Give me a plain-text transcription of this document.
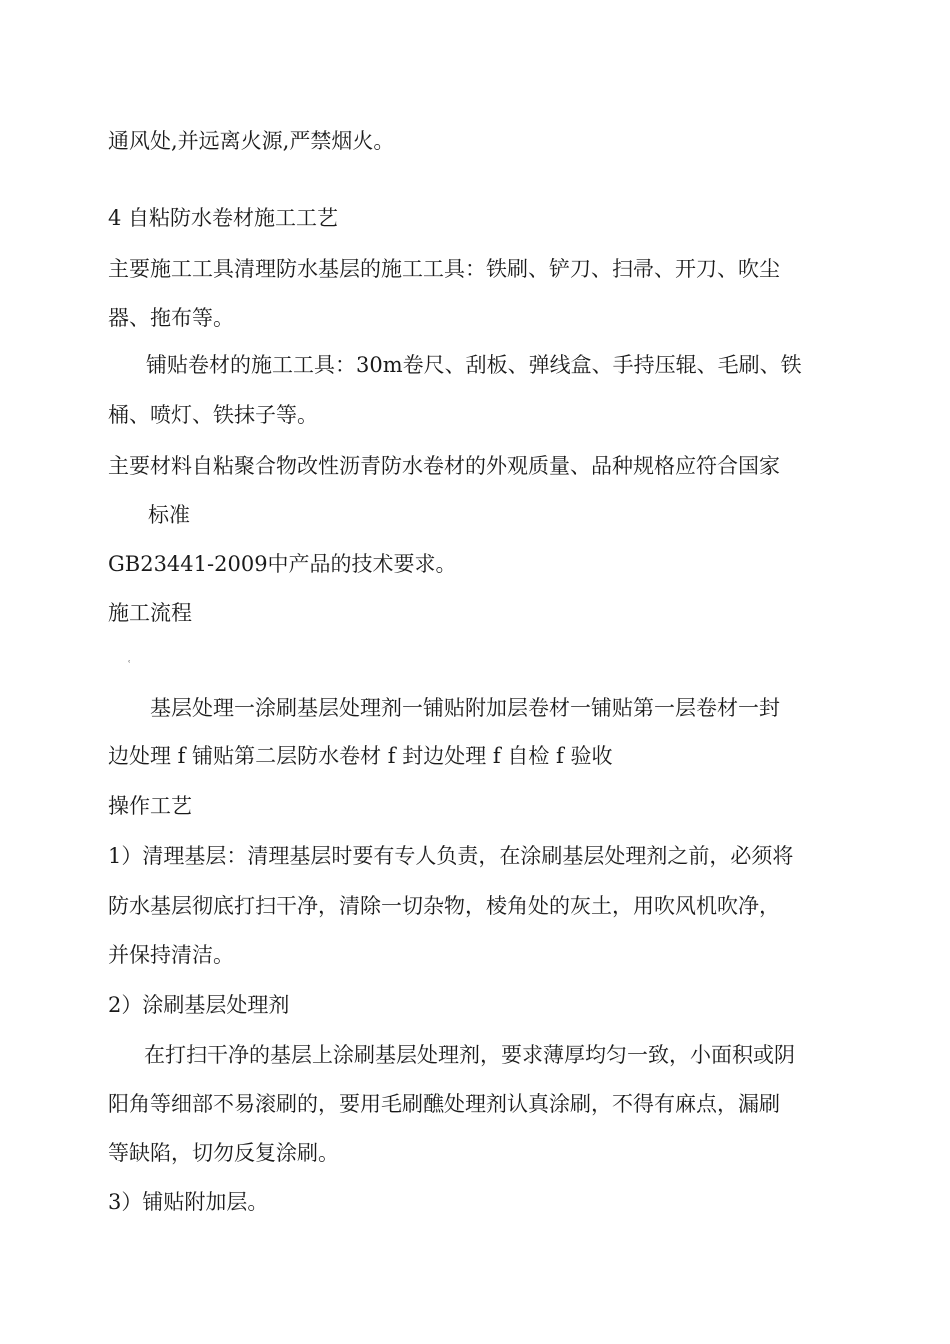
通风处,并远离火源,严禁烟火。
4 自粘防水卷材施工工艺
主要施工工具清理防水基层的施工工具：铁刷、铲刀、扫帚、开刀、吹尘
器、拖布等。
铺贴卷材的施工工具：30m卷尺、刮板、弹线盒、手持压辊、毛刷、铁
桶、喷灯、铁抹子等。
主要材料自粘聚合物改性沥青防水卷材的外观质量、品种规格应符合国家
标准
GB23441-2009中产品的技术要求。
施工流程
ʿ
基层处理一涂刷基层处理剂一铺贴附加层卷材一铺贴第一层卷材一封
边处理 f 铺贴第二层防水卷材 f 封边处理 f 自检 f 验收
操作工艺
1）清理基层：清理基层时要有专人负责，在涂刷基层处理剂之前，必须将
防水基层彻底打扫干净，清除一切杂物，棱角处的灰土，用吹风机吹净，
并保持清洁。
2）涂刷基层处理剂
在打扫干净的基层上涂刷基层处理剂，要求薄厚均匀一致，小面积或阴
阳角等细部不易滚刷的，要用毛刷醮处理剂认真涂刷，不得有麻点，漏刷
等缺陷，切勿反复涂刷。
3）铺贴附加层。
